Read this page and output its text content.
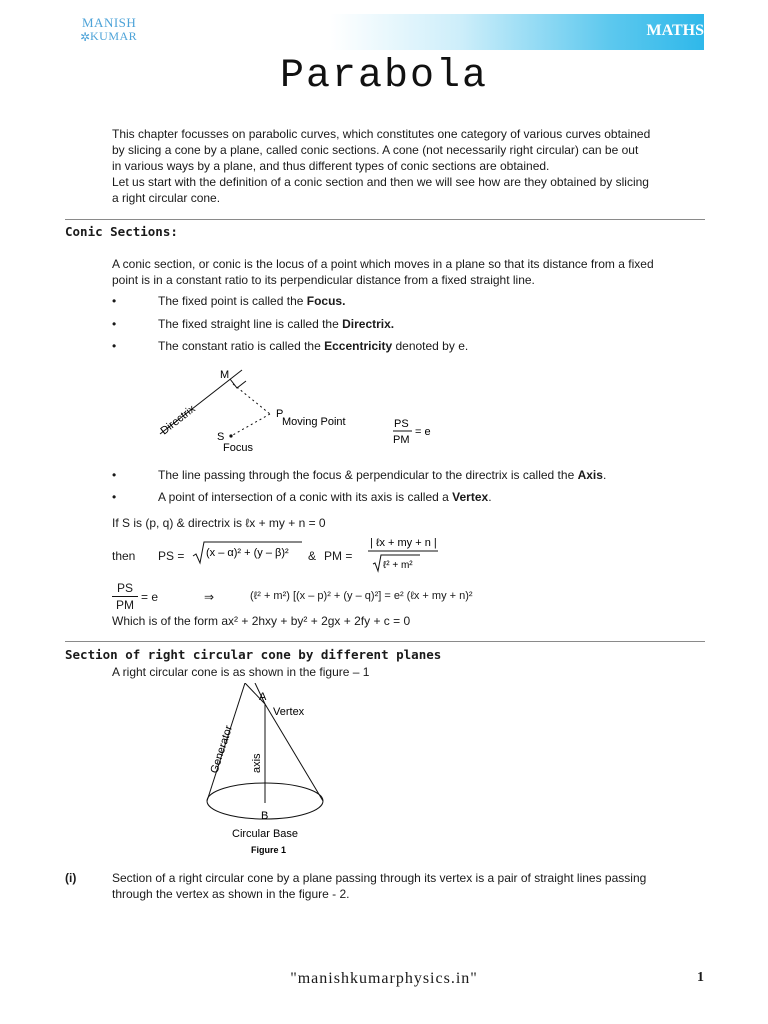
MATHS
MANISH
✲ KUMAR
Parabola
This chapter focusses on parabolic curves, which constitutes one category of various curves obtained
by slicing a cone by a plane, called conic sections. A cone (not necessarily right circular) can be out
in various ways by a plane, and thus different types of conic sections are obtained.
Let us start with the definition of a conic section and then we will see how are they obtained by slicing
a right circular cone.
Conic Sections:
A conic section, or conic is the locus of a point which moves in a plane so that its distance from a fixed
point is in a constant ratio to its perpendicular distance from a fixed straight line.
•	The fixed point is called the Focus.
•	The fixed straight line is called the Directrix.
•	The constant ratio is called the Eccentricity denoted by e.
M
P
Moving Point
S
Focus
Directrix	PS
PM
= e
•	The line passing through the focus & perpendicular to the directrix is called the Axis.
•	A point of intersection of a conic with its axis is called a Vertex.
If S is (p, q) & directrix is ℓx + my + n = 0
then PS = (x – α)² + (y – β)² & PM =
| ℓx + my + n |
ℓ² + m²
PS
PM
= e	⇒	(ℓ² + m²) [(x – p)² + (y – q)²] = e² (ℓx + my + n)²
Which is of the form ax² + 2hxy + by² + 2gx + 2fy + c = 0
Section of right circular cone by different planes
A right circular cone is as shown in the figure – 1
A
Vertex
Generator axis
B
Circular Base
Figure 1
(i)	Section of a right circular cone by a plane passing through its vertex is a pair of straight lines passing
through the vertex as shown in the figure - 2.
"manishkumarphysics.in"	1
